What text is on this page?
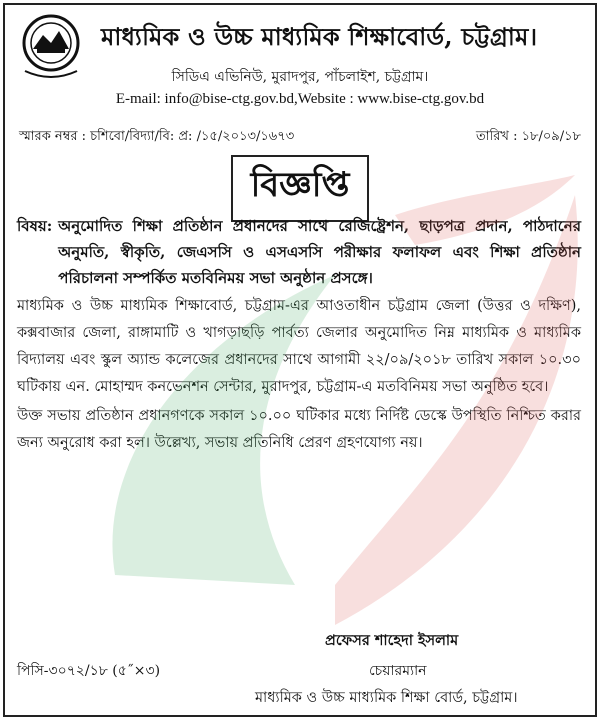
মাধ্যমিক ও উচ্চ মাধ্যমিক শিক্ষাবোর্ড, চট্টগ্রাম।
সিডিএ এভিনিউ, মুরাদপুর, পাঁচলাইশ, চট্টগ্রাম।
E-mail: info@bise-ctg.gov.bd,Website : www.bise-ctg.gov.bd
স্মারক নম্বর : চশিবো/বিদ্যা/বি: প্র: /১৫/২০১৩/১৬৭৩	তারিখ : ১৮/০৯/১৮
বিজ্ঞপ্তি
বিষয়: অনুমোদিত শিক্ষা প্রতিষ্ঠান প্রধানদের সাথে রেজিষ্ট্রেশন, ছাড়পত্র প্রদান, পাঠদানের অনুমতি, স্বীকৃতি, জেএসসি ও এসএসসি পরীক্ষার ফলাফল এবং শিক্ষা প্রতিষ্ঠান পরিচালনা সম্পর্কিত মতবিনিময় সভা অনুষ্ঠান প্রসঙ্গে।

মাধ্যমিক ও উচ্চ মাধ্যমিক শিক্ষাবোর্ড, চট্টগ্রাম-এর আওতাধীন চট্টগ্রাম জেলা (উত্তর ও দক্ষিণ), কক্সবাজার জেলা, রাঙ্গামাটি ও খাগড়াছড়ি পার্বত্য জেলার অনুমোদিত নিম্ন মাধ্যমিক ও মাধ্যমিক বিদ্যালয় এবং স্কুল অ্যান্ড কলেজের প্রধানদের সাথে আগামী ২২/০৯/২০১৮ তারিখ সকাল ১০.৩০ ঘটিকায় এন. মোহাম্মদ কনভেনশন সেন্টার, মুরাদপুর, চট্টগ্রাম-এ মতবিনিময় সভা অনুষ্ঠিত হবে।

উক্ত সভায় প্রতিষ্ঠান প্রধানগণকে সকাল ১০.০০ ঘটিকার মধ্যে নির্দিষ্ট ডেস্কে উপস্থিতি নিশ্চিত করার জন্য অনুরোধ করা হল। উল্লেখ্য, সভায় প্রতিনিধি প্রেরণ গ্রহণযোগ্য নয়।

প্রফেসর শাহেদা ইসলাম
পিসি-৩০৭২/১৮ (৫˝×৩)	চেয়ারম্যান
মাধ্যমিক ও উচ্চ মাধ্যমিক শিক্ষা বোর্ড, চট্টগ্রাম।
